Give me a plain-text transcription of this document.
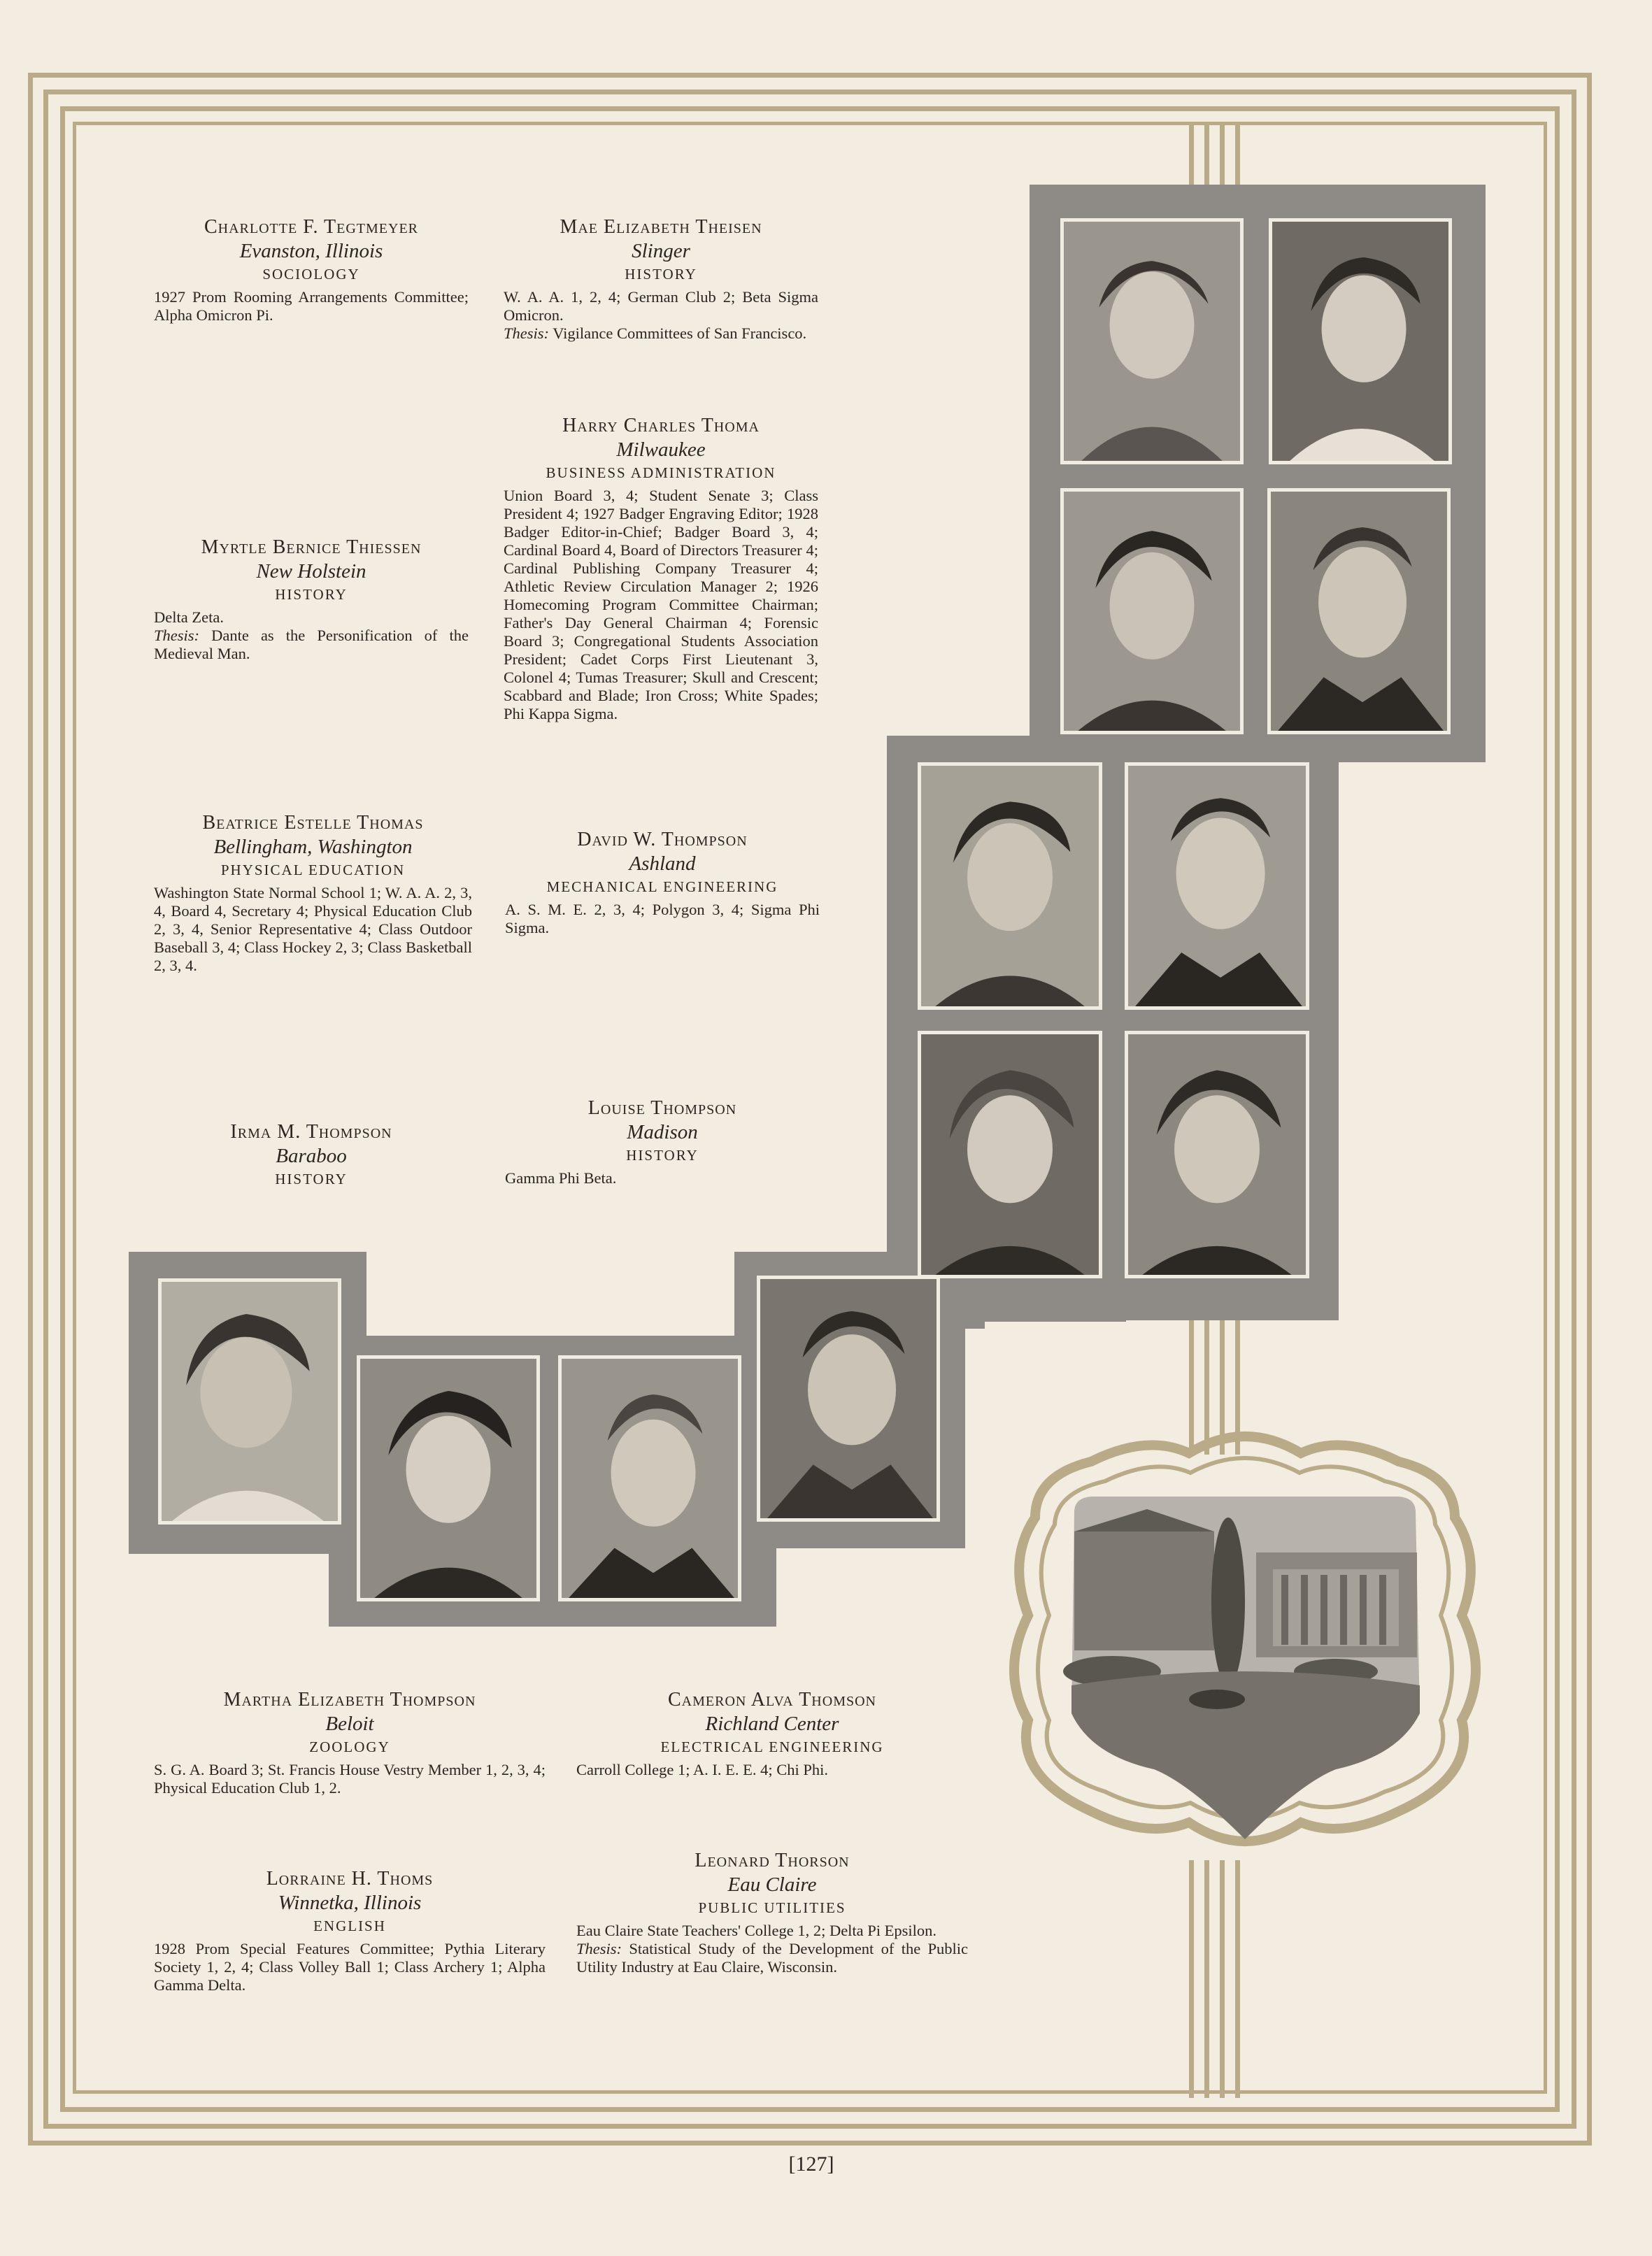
Charlotte F. Tegtmeyer
Evanston, Illinois
SOCIOLOGY
1927 Prom Rooming Arrangements Committee; Alpha Omicron Pi.
Mae Elizabeth Theisen
Slinger
HISTORY
W. A. A. 1, 2, 4; German Club 2; Beta Sigma Omicron.
Thesis: Vigilance Committees of San Francisco.
Harry Charles Thoma
Milwaukee
BUSINESS ADMINISTRATION
Union Board 3, 4; Student Senate 3; Class President 4; 1927 Badger Engraving Editor; 1928 Badger Editor-in-Chief; Badger Board 3, 4; Cardinal Board 4, Board of Directors Treasurer 4; Cardinal Publishing Company Treasurer 4; Athletic Review Circulation Manager 2; 1926 Homecoming Program Committee Chairman; Father's Day General Chairman 4; Forensic Board 3; Congregational Students Association President; Cadet Corps First Lieutenant 3, Colonel 4; Tumas Treasurer; Skull and Crescent; Scabbard and Blade; Iron Cross; White Spades; Phi Kappa Sigma.
Myrtle Bernice Thiessen
New Holstein
HISTORY
Delta Zeta.
Thesis: Dante as the Personification of the Medieval Man.
Beatrice Estelle Thomas
Bellingham, Washington
PHYSICAL EDUCATION
Washington State Normal School 1; W. A. A. 2, 3, 4, Board 4, Secretary 4; Physical Education Club 2, 3, 4, Senior Representative 4; Class Outdoor Baseball 3, 4; Class Hockey 2, 3; Class Basketball 2, 3, 4.
David W. Thompson
Ashland
MECHANICAL ENGINEERING
A. S. M. E. 2, 3, 4; Polygon 3, 4; Sigma Phi Sigma.
Irma M. Thompson
Baraboo
HISTORY
Louise Thompson
Madison
HISTORY
Gamma Phi Beta.
Martha Elizabeth Thompson
Beloit
ZOOLOGY
S. G. A. Board 3; St. Francis House Vestry Member 1, 2, 3, 4; Physical Education Club 1, 2.
Cameron Alva Thomson
Richland Center
ELECTRICAL ENGINEERING
Carroll College 1; A. I. E. E. 4; Chi Phi.
Lorraine H. Thoms
Winnetka, Illinois
ENGLISH
1928 Prom Special Features Committee; Pythia Literary Society 1, 2, 4; Class Volley Ball 1; Class Archery 1; Alpha Gamma Delta.
Leonard Thorson
Eau Claire
PUBLIC UTILITIES
Eau Claire State Teachers' College 1, 2; Delta Pi Epsilon.
Thesis: Statistical Study of the Development of the Public Utility Industry at Eau Claire, Wisconsin.
[127]
